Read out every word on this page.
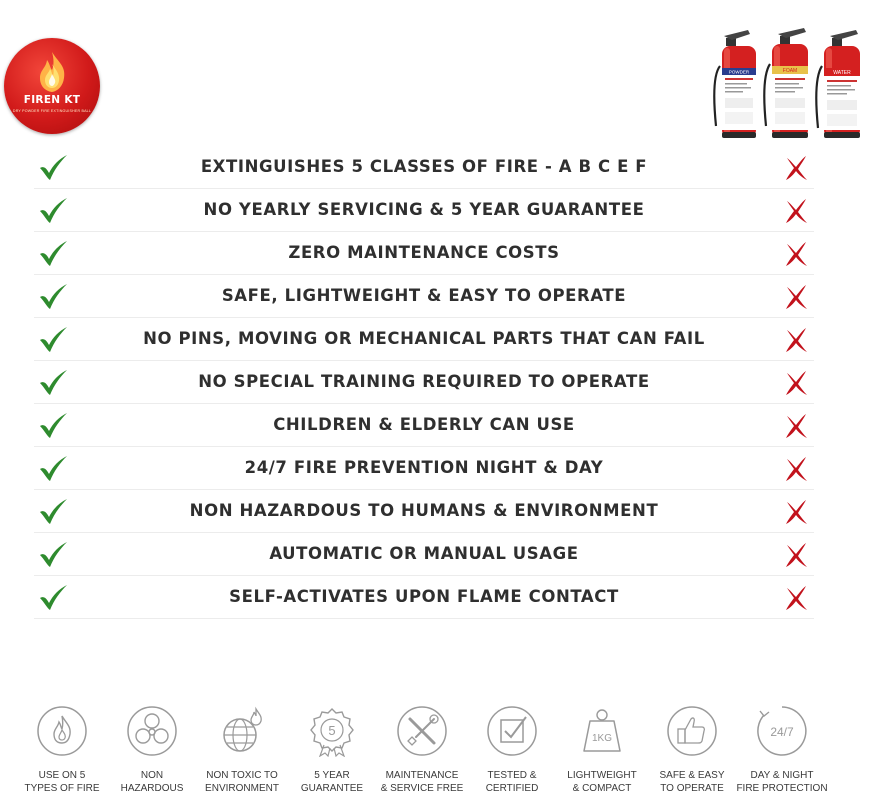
FIREN KT
DRY POWDER FIRE EXTINGUISHER BALL
POWDER	FOAM	WATER
EXTINGUISHES 5 CLASSES OF FIRE - A B C E F
NO YEARLY SERVICING & 5 YEAR GUARANTEE
ZERO MAINTENANCE COSTS
SAFE, LIGHTWEIGHT & EASY TO OPERATE
NO PINS, MOVING OR MECHANICAL PARTS THAT CAN FAIL
NO SPECIAL TRAINING REQUIRED TO OPERATE
CHILDREN & ELDERLY CAN USE
24/7 FIRE PREVENTION NIGHT & DAY
NON HAZARDOUS TO HUMANS & ENVIRONMENT
AUTOMATIC OR MANUAL USAGE
SELF-ACTIVATES UPON FLAME CONTACT
USE ON 5
TYPES OF FIRE
NON
HAZARDOUS
NON TOXIC TO
ENVIRONMENT
5
5 YEAR
GUARANTEE
MAINTENANCE
& SERVICE FREE
TESTED &
CERTIFIED
1KG
LIGHTWEIGHT
& COMPACT
SAFE & EASY
TO OPERATE
24/7
DAY & NIGHT
FIRE PROTECTION
